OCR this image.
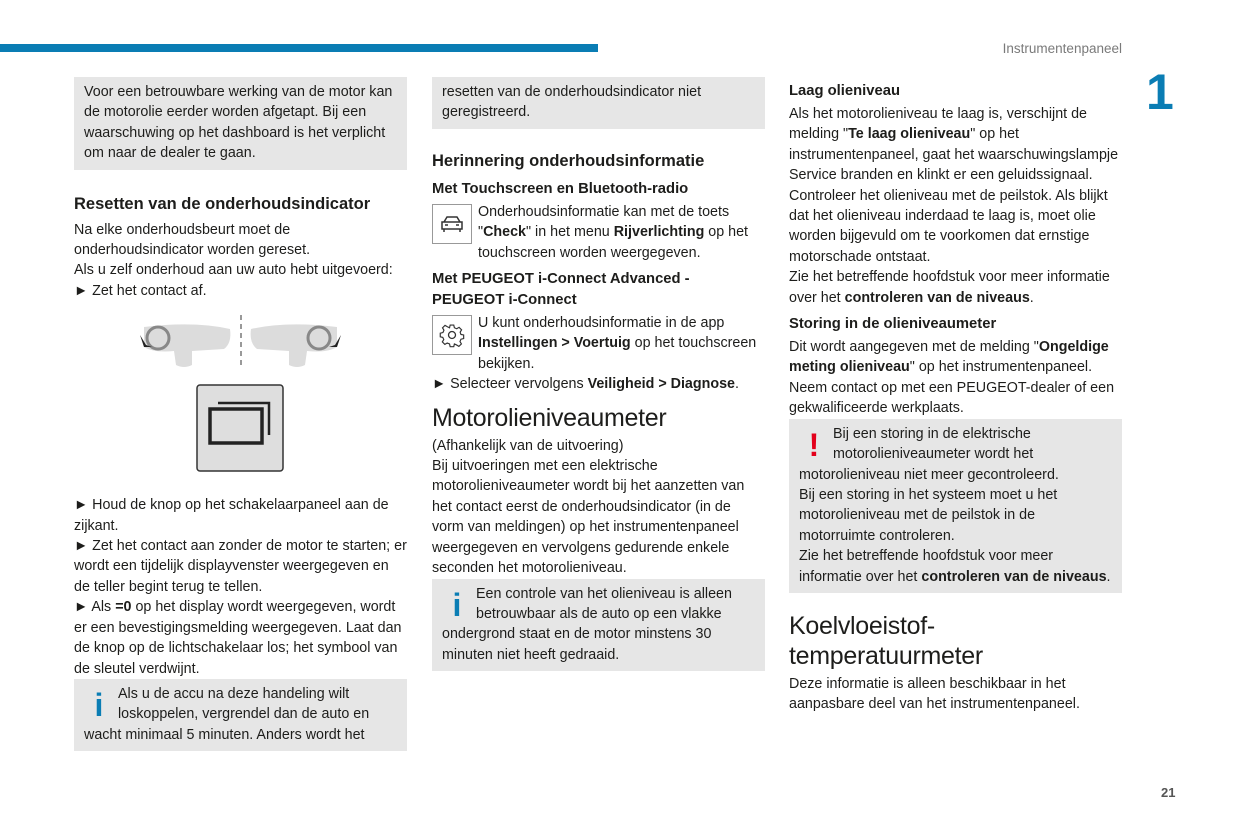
Instrumentenpaneel
1
21

Voor een betrouwbare werking van de motor kan de motorolie eerder worden afgetapt. Bij een waarschuwing op het dashboard is het verplicht om naar de dealer te gaan.

Resetten van de onderhoudsindicator

Na elke onderhoudsbeurt moet de onderhoudsindicator worden gereset.

Als u zelf onderhoud aan uw auto hebt uitgevoerd:

► Zet het contact af.

► Houd de knop op het schakelaarpaneel aan de zijkant.

► Zet het contact aan zonder de motor te starten; er wordt een tijdelijk displayvenster weergegeven en de teller begint terug te tellen.

► Als =0 op het display wordt weergegeven, wordt er een bevestigingsmelding weergegeven. Laat dan de knop op de lichtschakelaar los; het symbool van de sleutel verdwijnt.

i	Als u de accu na deze handeling wilt loskoppelen, vergrendel dan de auto en wacht minimaal 5 minuten. Anders wordt het

resetten van de onderhoudsindicator niet geregistreerd.

Herinnering onderhoudsinformatie
Met Touchscreen en Bluetooth-radio

Onderhoudsinformatie kan met de toets "Check" in het menu Rijverlichting op het touchscreen worden weergegeven.

Met PEUGEOT i-Connect Advanced - PEUGEOT i-Connect

U kunt onderhoudsinformatie in de app Instellingen > Voertuig op het touchscreen bekijken.

► Selecteer vervolgens Veiligheid > Diagnose.

Motorolieniveaumeter

(Afhankelijk van de uitvoering)

Bij uitvoeringen met een elektrische motorolieniveaumeter wordt bij het aanzetten van het contact eerst de onderhoudsindicator (in de vorm van meldingen) op het instrumentenpaneel weergegeven en vervolgens gedurende enkele seconden het motorolieniveau.

i	Een controle van het olieniveau is alleen betrouwbaar als de auto op een vlakke ondergrond staat en de motor minstens 30 minuten niet heeft gedraaid.

Laag olieniveau

Als het motorolieniveau te laag is, verschijnt de melding "Te laag olieniveau" op het instrumentenpaneel, gaat het waarschuwingslampje Service branden en klinkt er een geluidssignaal.

Controleer het olieniveau met de peilstok. Als blijkt dat het olieniveau inderdaad te laag is, moet olie worden bijgevuld om te voorkomen dat ernstige motorschade ontstaat.

Zie het betreffende hoofdstuk voor meer informatie over het controleren van de niveaus.

Storing in de olieniveaumeter

Dit wordt aangegeven met de melding "Ongeldige meting olieniveau" op het instrumentenpaneel.

Neem contact op met een PEUGEOT-dealer of een gekwalificeerde werkplaats.

! Bij een storing in de elektrische motorolieniveaumeter wordt het motorolieniveau niet meer gecontroleerd.

Bij een storing in het systeem moet u het motorolieniveau met de peilstok in de motorruimte controleren.

Zie het betreffende hoofdstuk voor meer informatie over het controleren van de niveaus.

Koelvloeistof-temperatuurmeter

Deze informatie is alleen beschikbaar in het aanpasbare deel van het instrumentenpaneel.
